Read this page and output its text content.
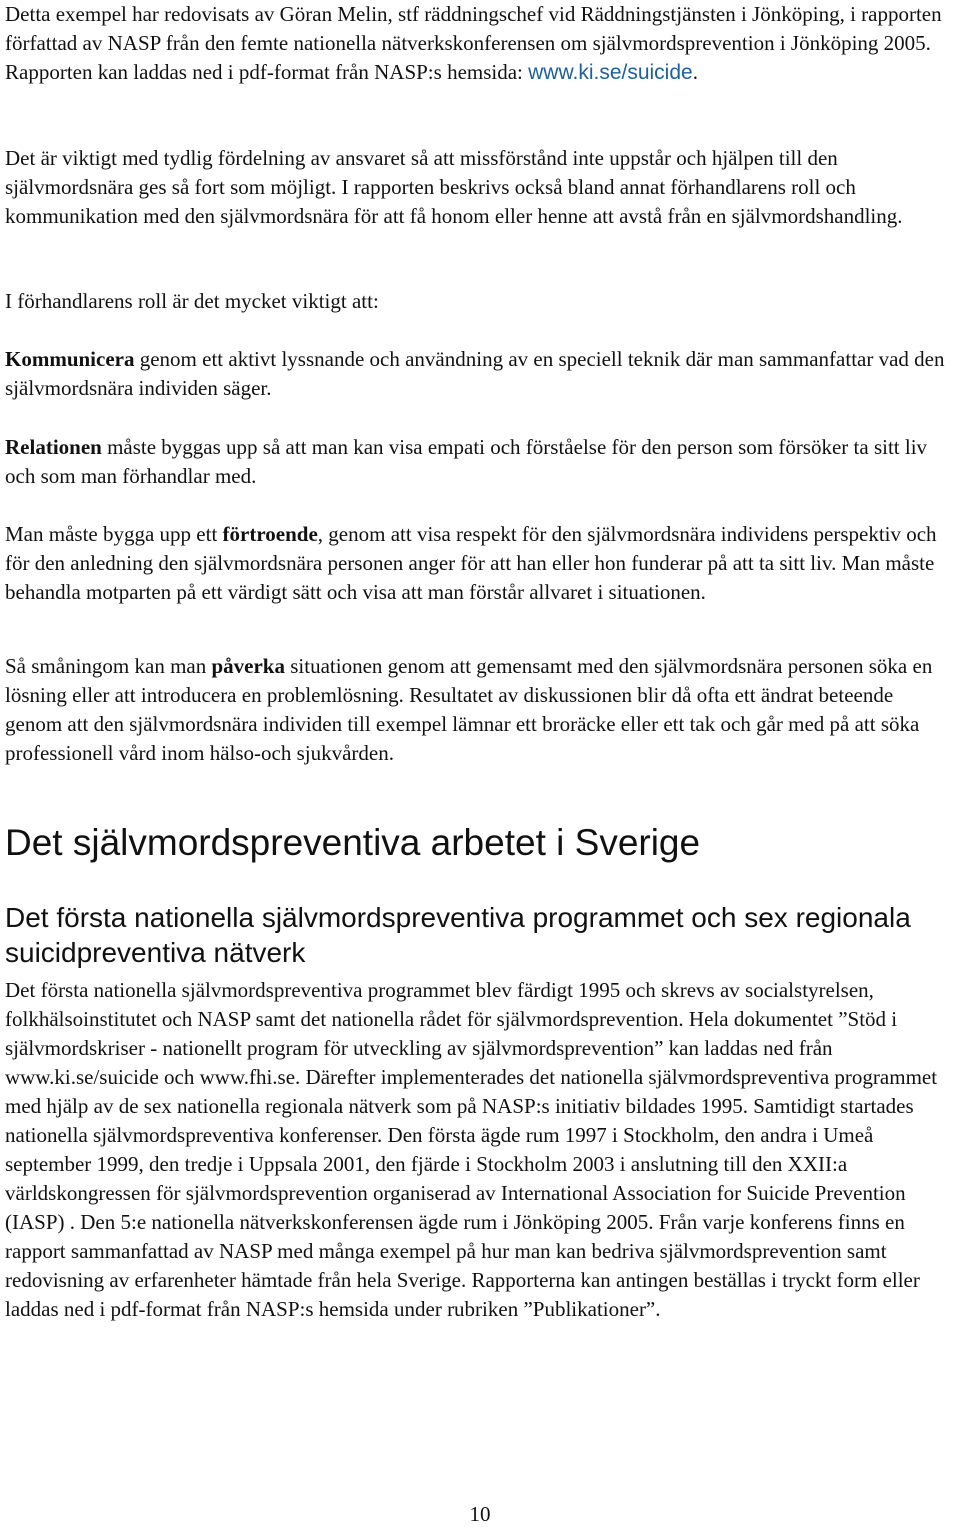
Detta exempel har redovisats av Göran Melin, stf räddningschef vid Räddningstjänsten i Jönköping, i rapporten författad av NASP från den femte nationella nätverkskonferensen om självmordsprevention i Jönköping 2005. Rapporten kan laddas ned i pdf-format från NASP:s hemsida: www.ki.se/suicide.

Det är viktigt med tydlig fördelning av ansvaret så att missförstånd inte uppstår och hjälpen till den självmordsnära ges så fort som möjligt. I rapporten beskrivs också bland annat förhandlarens roll och kommunikation med den självmordsnära för att få honom eller henne att avstå från en självmordshandling.

I förhandlarens roll är det mycket viktigt att:

Kommunicera genom ett aktivt lyssnande och användning av en speciell teknik där man sammanfattar vad den självmordsnära individen säger.

Relationen måste byggas upp så att man kan visa empati och förståelse för den person som försöker ta sitt liv och som man förhandlar med.

Man måste bygga upp ett förtroende, genom att visa respekt för den självmordsnära individens perspektiv och för den anledning den självmordsnära personen anger för att han eller hon funderar på att ta sitt liv. Man måste behandla motparten på ett värdigt sätt och visa att man förstår allvaret i situationen.

Så småningom kan man påverka situationen genom att gemensamt med den självmordsnära personen söka en lösning eller att introducera en problemlösning. Resultatet av diskussionen blir då ofta ett ändrat beteende genom att den självmordsnära individen till exempel lämnar ett broräcke eller ett tak och går med på att söka professionell vård inom hälso-och sjukvården.

Det självmordspreventiva arbetet i Sverige
Det första nationella självmordspreventiva programmet och sex regionala suicidpreventiva nätverk

Det första nationella självmordspreventiva programmet blev färdigt 1995 och skrevs av socialstyrelsen, folkhälsoinstitutet och NASP samt det nationella rådet för självmordsprevention. Hela dokumentet ”Stöd i självmordskriser - nationellt program för utveckling av självmordsprevention” kan laddas ned från www.ki.se/suicide och www.fhi.se. Därefter implementerades det nationella självmordspreventiva programmet med hjälp av de sex nationella regionala nätverk som på NASP:s initiativ bildades 1995. Samtidigt startades nationella självmordspreventiva konferenser. Den första ägde rum 1997 i Stockholm, den andra i Umeå september 1999, den tredje i Uppsala 2001, den fjärde i Stockholm 2003 i anslutning till den XXII:a världskongressen för självmordsprevention organiserad av International Association for Suicide Prevention (IASP) . Den 5:e nationella nätverkskonferensen ägde rum i Jönköping 2005. Från varje konferens finns en rapport sammanfattad av NASP med många exempel på hur man kan bedriva självmordsprevention samt redovisning av erfarenheter hämtade från hela Sverige. Rapporterna kan antingen beställas i tryckt form eller laddas ned i pdf-format från NASP:s hemsida under rubriken ”Publikationer”.

10
